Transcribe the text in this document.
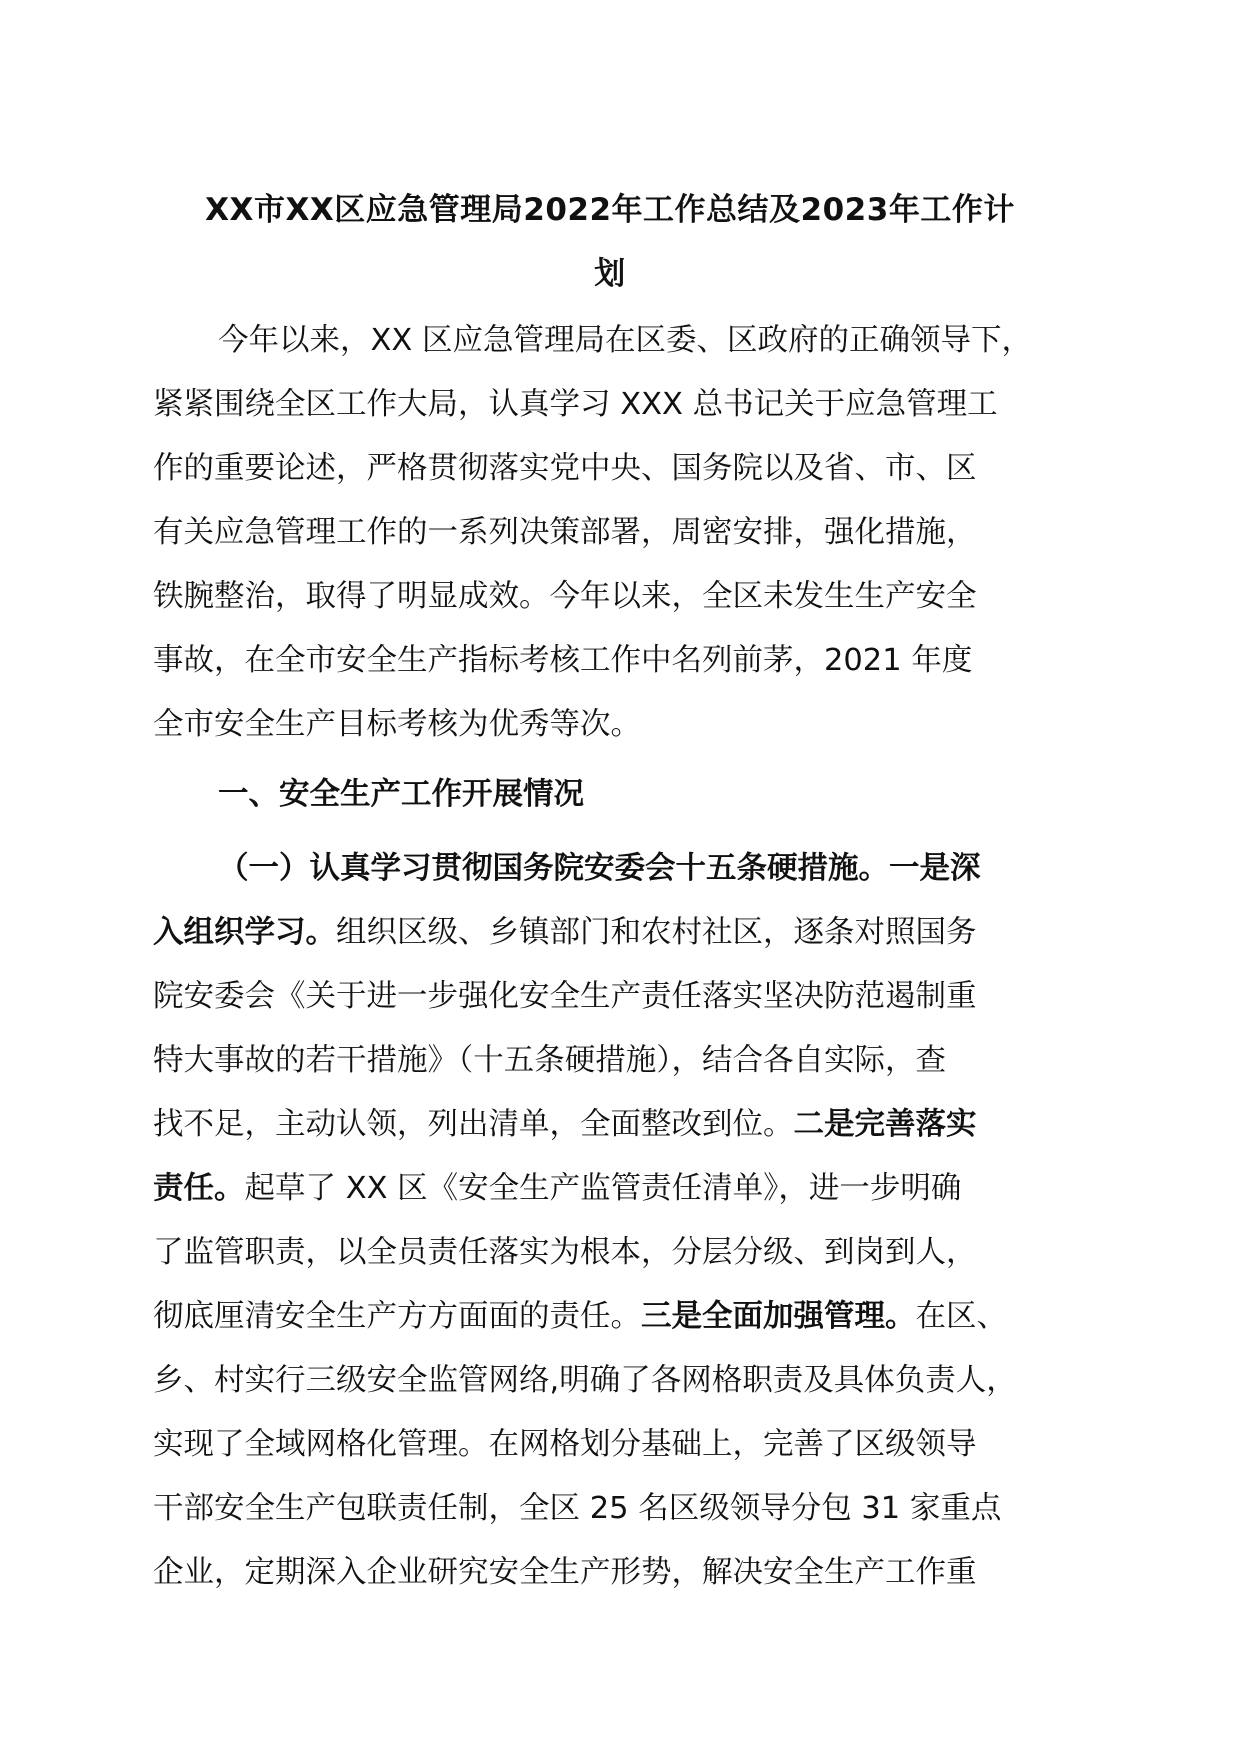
XX市XX区应急管理局2022年工作总结及2023年工作计
划
今年以来，XX 区应急管理局在区委、区政府的正确领导下，
紧紧围绕全区工作大局，认真学习 XXX 总书记关于应急管理工
作的重要论述，严格贯彻落实党中央、国务院以及省、市、区
有关应急管理工作的一系列决策部署，周密安排，强化措施，
铁腕整治，取得了明显成效。今年以来，全区未发生生产安全
事故，在全市安全生产指标考核工作中名列前茅，2021 年度
全市安全生产目标考核为优秀等次。
一、安全生产工作开展情况
（一）认真学习贯彻国务院安委会十五条硬措施。一是深
入组织学习。组织区级、乡镇部门和农村社区，逐条对照国务
院安委会《关于进一步强化安全生产责任落实坚决防范遏制重
特大事故的若干措施》（十五条硬措施），结合各自实际，查
找不足，主动认领，列出清单，全面整改到位。二是完善落实
责任。起草了 XX 区《安全生产监管责任清单》，进一步明确
了监管职责，以全员责任落实为根本，分层分级、到岗到人，
彻底厘清安全生产方方面面的责任。三是全面加强管理。在区、
乡、村实行三级安全监管网络,明确了各网格职责及具体负责人，
实现了全域网格化管理。在网格划分基础上，完善了区级领导
干部安全生产包联责任制，全区 25 名区级领导分包 31 家重点
企业，定期深入企业研究安全生产形势，解决安全生产工作重
